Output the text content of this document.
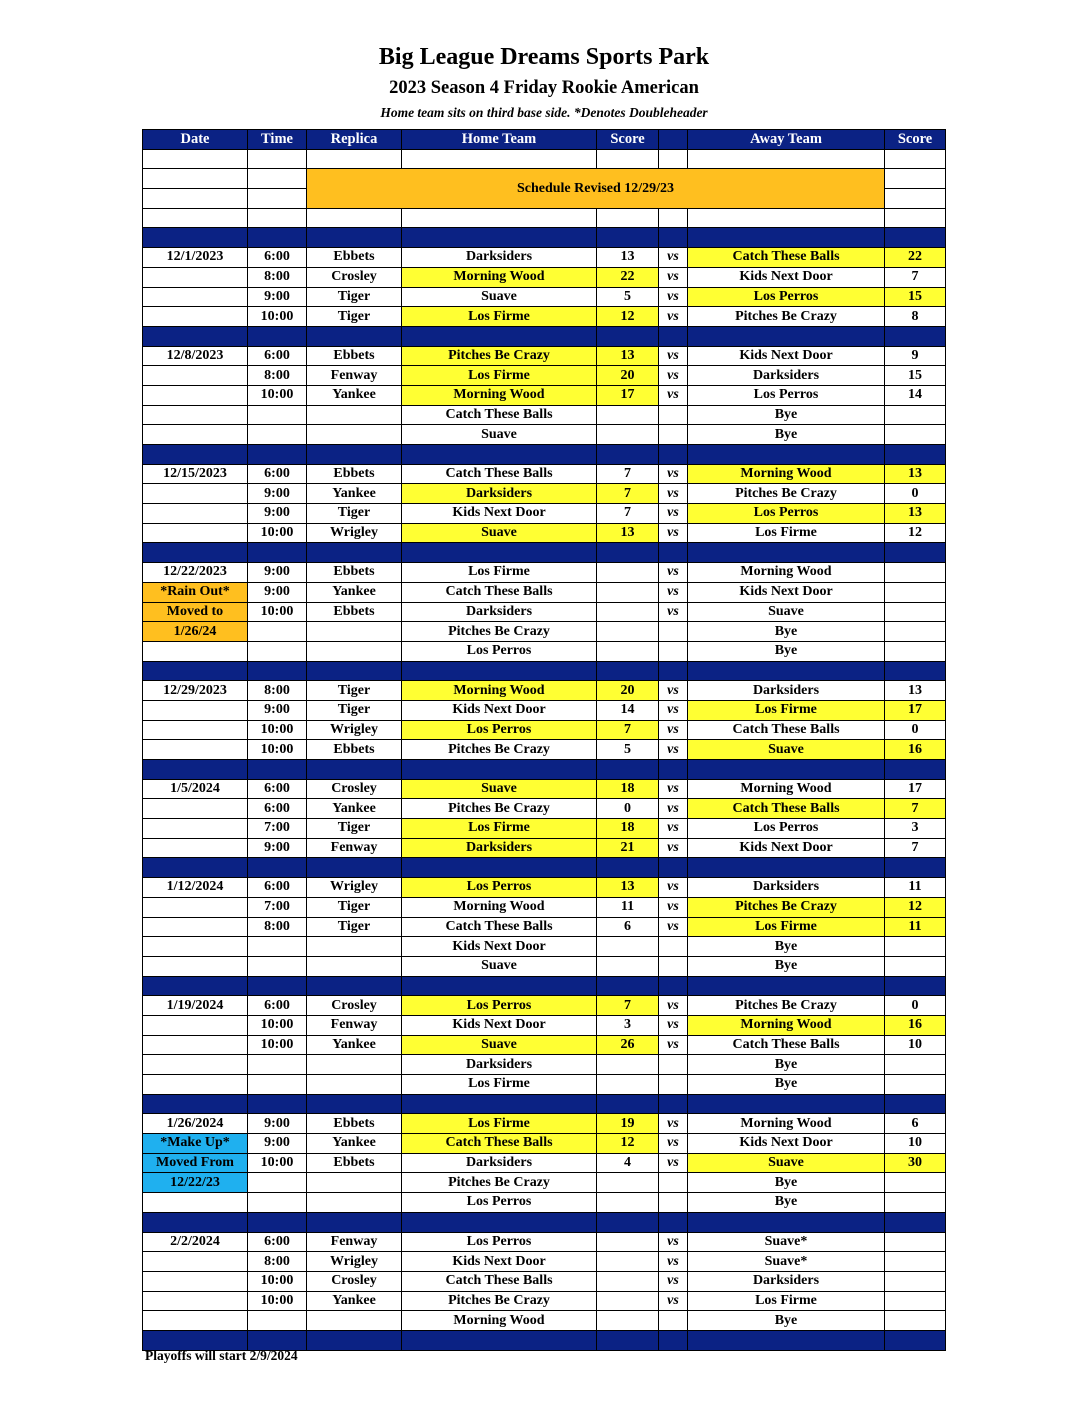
Big League Dreams Sports Park
2023 Season 4 Friday Rookie American
Home team sits on third base side. *Denotes Doubleheader
Date	Time	Replica	Home Team	Score		Away Team	Score

		Schedule Revised 12/29/23					

12/1/2023	6:00	Ebbets	Darksiders	13	vs	Catch These Balls	22
	8:00	Crosley	Morning Wood	22	vs	Kids Next Door	7
	9:00	Tiger	Suave	5	vs	Los Perros	15
	10:00	Tiger	Los Firme	12	vs	Pitches Be Crazy	8

12/8/2023	6:00	Ebbets	Pitches Be Crazy	13	vs	Kids Next Door	9
	8:00	Fenway	Los Firme	20	vs	Darksiders	15
	10:00	Yankee	Morning Wood	17	vs	Los Perros	14
			Catch These Balls			Bye	
			Suave			Bye	

12/15/2023	6:00	Ebbets	Catch These Balls	7	vs	Morning Wood	13
	9:00	Yankee	Darksiders	7	vs	Pitches Be Crazy	0
	9:00	Tiger	Kids Next Door	7	vs	Los Perros	13
	10:00	Wrigley	Suave	13	vs	Los Firme	12

12/22/2023	9:00	Ebbets	Los Firme		vs	Morning Wood	
*Rain Out*	9:00	Yankee	Catch These Balls		vs	Kids Next Door	
Moved to	10:00	Ebbets	Darksiders		vs	Suave	
1/26/24			Pitches Be Crazy			Bye	
			Los Perros			Bye	

12/29/2023	8:00	Tiger	Morning Wood	20	vs	Darksiders	13
	9:00	Tiger	Kids Next Door	14	vs	Los Firme	17
	10:00	Wrigley	Los Perros	7	vs	Catch These Balls	0
	10:00	Ebbets	Pitches Be Crazy	5	vs	Suave	16

1/5/2024	6:00	Crosley	Suave	18	vs	Morning Wood	17
	6:00	Yankee	Pitches Be Crazy	0	vs	Catch These Balls	7
	7:00	Tiger	Los Firme	18	vs	Los Perros	3
	9:00	Fenway	Darksiders	21	vs	Kids Next Door	7

1/12/2024	6:00	Wrigley	Los Perros	13	vs	Darksiders	11
	7:00	Tiger	Morning Wood	11	vs	Pitches Be Crazy	12
	8:00	Tiger	Catch These Balls	6	vs	Los Firme	11
			Kids Next Door			Bye	
			Suave			Bye	

1/19/2024	6:00	Crosley	Los Perros	7	vs	Pitches Be Crazy	0
	10:00	Fenway	Kids Next Door	3	vs	Morning Wood	16
	10:00	Yankee	Suave	26	vs	Catch These Balls	10
			Darksiders			Bye	
			Los Firme			Bye	

1/26/2024	9:00	Ebbets	Los Firme	19	vs	Morning Wood	6
*Make Up*	9:00	Yankee	Catch These Balls	12	vs	Kids Next Door	10
Moved From	10:00	Ebbets	Darksiders	4	vs	Suave	30
12/22/23			Pitches Be Crazy			Bye	
			Los Perros			Bye	

2/2/2024	6:00	Fenway	Los Perros		vs	Suave*	
	8:00	Wrigley	Kids Next Door		vs	Suave*	
	10:00	Crosley	Catch These Balls		vs	Darksiders	
	10:00	Yankee	Pitches Be Crazy		vs	Los Firme	
			Morning Wood			Bye	

Playoffs will start 2/9/2024
